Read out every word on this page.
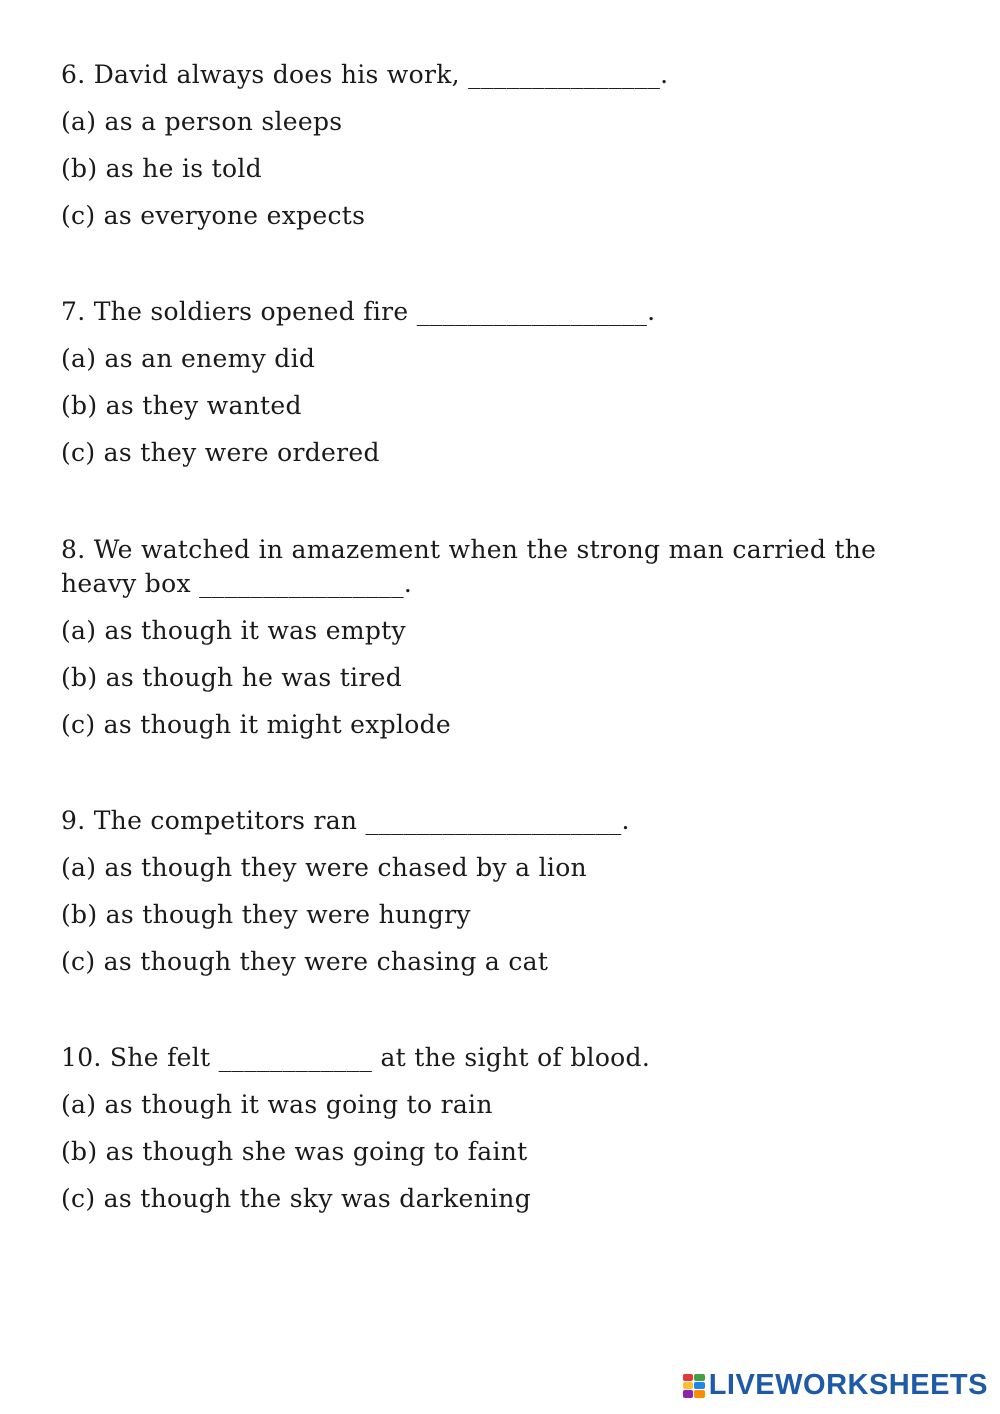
6. David always does his work, _______________.

(a) as a person sleeps

(b) as he is told

(c) as everyone expects

7. The soldiers opened fire __________________.

(a) as an enemy did

(b) as they wanted

(c) as they were ordered

8. We watched in amazement when the strong man carried the heavy box ________________.

(a) as though it was empty

(b) as though he was tired

(c) as though it might explode

9. The competitors ran ____________________.

(a) as though they were chased by a lion

(b) as though they were hungry

(c) as though they were chasing a cat

10. She felt ____________ at the sight of blood.

(a) as though it was going to rain

(b) as though she was going to faint

(c) as though the sky was darkening

LIVEWORKSHEETS
